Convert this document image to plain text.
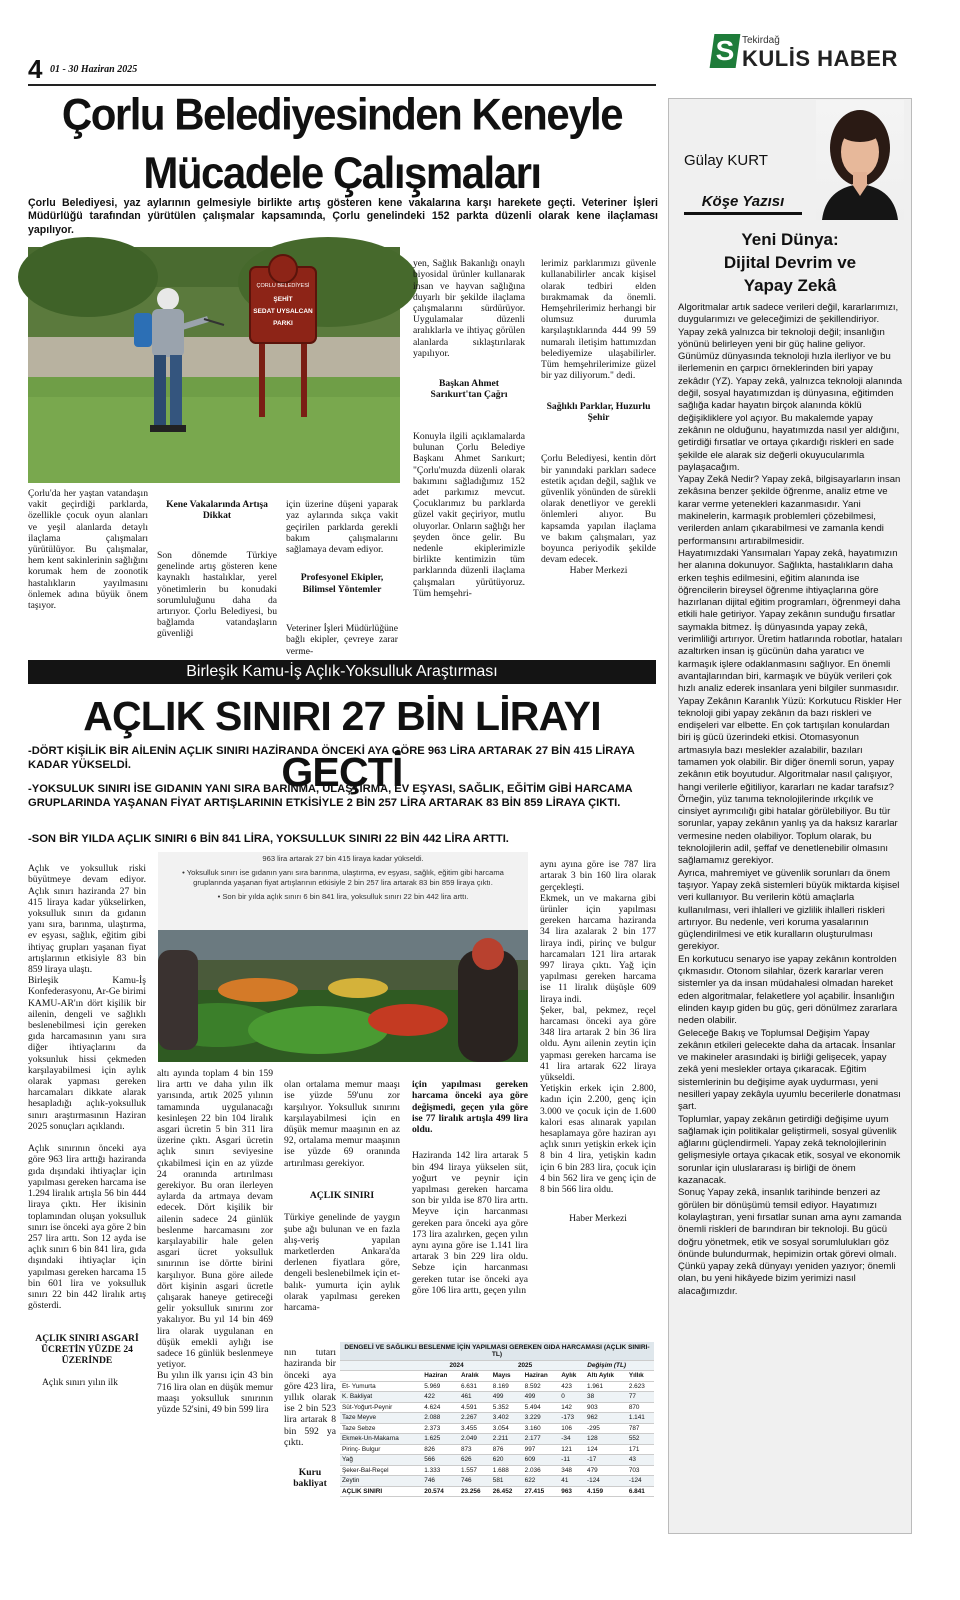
4 01 - 30 Haziran 2025
S Tekirdağ
KULİS HABER
Çorlu Belediyesinden Keneyle
Mücadele Çalışmaları
Çorlu Belediyesi, yaz aylarının gelmesiyle birlikte artış gösteren kene vakalarına karşı harekete geçti. Veteriner İşleri Müdürlüğü tarafından yürütülen çalışmalar kapsamında, Çorlu genelindeki 152 parkta düzenli olarak kene ilaçlaması yapılıyor.
ÇORLU BELEDİYESİ
ŞEHİT
SEDAT UYSALCAN
PARKI
Çorlu'da her yaştan vatandaşın vakit geçirdiği parklarda, özellikle çocuk oyun alanları ve yeşil alanlarda detaylı ilaçlama çalışmaları yürütülüyor. Bu çalışmalar, hem kent sakinlerinin sağlığını korumak hem de zoonotik hastalıkların yayılmasını önlemek adına büyük önem taşıyor.

Kene Vakalarında Artışa Dikkat

Son dönemde Türkiye genelinde artış gösteren kene kaynaklı hastalıklar, yerel yönetimlerin bu konudaki sorumluluğunu daha da artırıyor. Çorlu Belediyesi, bu bağlamda vatandaşların güvenliği

için üzerine düşeni yaparak yaz aylarında sıkça vakit geçirilen parklarda gerekli bakım çalışmalarını sağlamaya devam ediyor.

Profesyonel Ekipler, Bilimsel Yöntemler

Veteriner İşleri Müdürlüğüne bağlı ekipler, çevreye zarar verme-

yen, Sağlık Bakanlığı onaylı biyosidal ürünler kullanarak insan ve hayvan sağlığına duyarlı bir şekilde ilaçlama çalışmalarını sürdürüyor. Uygulamalar düzenli aralıklarla ve ihtiyaç görülen alanlarda sıklaştırılarak yapılıyor.

Başkan Ahmet Sarıkurt'tan Çağrı

Konuyla ilgili açıklamalarda bulunan Çorlu Belediye Başkanı Ahmet Sarıkurt; "Çorlu'muzda düzenli olarak bakımını sağladığımız 152 adet parkımız mevcut. Çocuklarımız bu parklarda güzel vakit geçiriyor, mutlu oluyorlar. Onların sağlığı her şeyden önce gelir. Bu nedenle ekiplerimizle birlikte kentimizin tüm parklarında düzenli ilaçlama çalışmaları yürütüyoruz. Tüm hemşehri-

lerimiz parklarımızı güvenle kullanabilirler ancak kişisel olarak tedbiri elden bırakmamak da önemli. Hemşehrilerimiz herhangi bir olumsuz durumla karşılaştıklarında 444 99 59 numaralı iletişim hattımızdan belediyemize ulaşabilirler. Tüm hemşehrilerimize güzel bir yaz diliyorum." dedi.

Sağlıklı Parklar, Huzurlu Şehir

Çorlu Belediyesi, kentin dört bir yanındaki parkları sadece estetik açıdan değil, sağlık ve güvenlik yönünden de sürekli olarak denetliyor ve gerekli önlemleri alıyor. Bu kapsamda yapılan ilaçlama ve bakım çalışmaları, yaz boyunca periyodik şekilde devam edecek.

Haber Merkezi

Birleşik Kamu-İş Açlık-Yoksulluk Araştırması
AÇLIK SINIRI 27 BİN LİRAYI GEÇTİ
-DÖRT KİŞİLİK BİR AİLENİN AÇLIK SINIRI HAZİRANDA ÖNCEKİ AYA GÖRE 963 LİRA ARTARAK 27 BİN 415 LİRAYA KADAR YÜKSELDİ.
-YOKSULUK SINIRI İSE GIDANIN YANI SIRA BARINMA, ULAŞTIRMA, EV EŞYASI, SAĞLIK, EĞİTİM GİBİ HARCAMA GRUPLARINDA YAŞANAN FİYAT ARTIŞLARININ ETKİSİYLE 2 BİN 257 LİRA ARTARAK 83 BİN 859 LİRAYA ÇIKTI.
-SON BİR YILDA AÇLIK SINIRI 6 BİN 841 LİRA, YOKSULLUK SINIRI 22 BİN 442 LİRA ARTTI.
963 lira artarak 27 bin 415 liraya kadar yükseldi.
• Yoksulluk sınırı ise gıdanın yanı sıra barınma, ulaştırma, ev eşyası, sağlık, eğitim gibi harcama gruplarında yaşanan fiyat artışlarının etkisiyle 2 bin 257 lira artarak 83 bin 859 liraya çıktı.
• Son bir yılda açlık sınırı 6 bin 841 lira, yoksulluk sınırı 22 bin 442 lira arttı.

Açlık ve yoksulluk riski büyütmeye devam ediyor. Açlık sınırı haziranda 27 bin 415 liraya kadar yükselirken, yoksulluk sınırı da gıdanın yanı sıra, barınma, ulaştırma, ev eşyası, sağlık, eğitim gibi ihtiyaç grupları yaşanan fiyat artışlarının etkisiyle 83 bin 859 liraya ulaştı.
Birleşik Kamu-İş Konfederasyonu, Ar-Ge birimi KAMU-AR'ın dört kişilik bir ailenin, dengeli ve sağlıklı beslenebilmesi için gereken gıda harcamasının yanı sıra diğer ihtiyaçlarını da yoksunluk hissi çekmeden karşılayabilmesi için aylık olarak yapması gereken harcamaları dikkate alarak hesapladığı açlık-yoksulluk sınırı araştırmasının Haziran 2025 sonuçları açıklandı.

Açlık sınırının önceki aya göre 963 lira arttığı haziranda gıda dışındaki ihtiyaçlar için yapılması gereken harcama ise 1.294 liralık artışla 56 bin 444 liraya çıktı. Her ikisinin toplamından oluşan yoksulluk sınırı ise önceki aya göre 2 bin 257 lira arttı. Son 12 ayda ise açlık sınırı 6 bin 841 lira, gıda dışındaki ihtiyaçlar için yapılması gereken harcama 15 bin 601 lira ve yoksulluk sınırı 22 bin 442 liralık artış gösterdi.

AÇLIK SINIRI ASGARİ ÜCRETİN YÜZDE 24 ÜZERİNDE

Açlık sınırı yılın ilk

altı ayında toplam 4 bin 159 lira arttı ve daha yılın ilk yarısında, artık 2025 yılının tamamında uygulanacağı kesinleşen 22 bin 104 liralık asgari ücretin 5 bin 311 lira üzerine çıktı. Asgari ücretin açlık sınırı seviyesine çıkabilmesi için en az yüzde 24 oranında artırılması gerekiyor. Bu oran ilerleyen aylarda da artmaya devam edecek. Dört kişilik bir ailenin sadece 24 günlük beslenme harcamasını zor karşılayabilir hale gelen asgari ücret yoksulluk sınırının ise dörtte birini karşılıyor. Buna göre ailede dört kişinin asgari ücretle çalışarak haneye getireceği gelir yoksulluk sınırını zor yakalıyor. Bu yıl 14 bin 469 lira olarak uygulanan en düşük emekli aylığı ise sadece 16 günlük beslenmeye yetiyor.
Bu yılın ilk yarısı için 43 bin 716 lira olan en düşük memur maaşı yoksulluk sınırının yüzde 52'sini, 49 bin 599 lira

olan ortalama memur maaşı ise yüzde 59'unu zor karşılıyor. Yoksulluk sınırını karşılayabilmesi için en düşük memur maaşının en az 92, ortalama memur maaşının ise yüzde 69 oranında artırılması gerekiyor.

AÇLIK SINIRI

Türkiye genelinde de yaygın şube ağı bulunan ve en fazla alış-veriş yapılan marketlerden Ankara'da derlenen fiyatlara göre, dengeli beslenebilmek için et-balık- yumurta için aylık olarak yapılması gereken harcama-

nın tutarı haziranda bir önceki aya göre 423 lira, yıllık olarak ise 2 bin 523 lira artarak 8 bin 592 ya çıktı.

Kuru bakliyat

için yapılması gereken harcama önceki aya göre değişmedi, geçen yıla göre ise 77 liralık artışla 499 lira oldu.

Haziranda 142 lira artarak 5 bin 494 liraya yükselen süt, yoğurt ve peynir için yapılması gereken harcama son bir yılda ise 870 lira arttı. Meyve için harcanması gereken para önceki aya göre 173 lira azalırken, geçen yılın aynı ayına göre ise 1.141 lira artarak 3 bin 229 lira oldu. Sebze için harcanması gereken tutar ise önceki aya göre 106 lira arttı, geçen yılın

aynı ayına göre ise 787 lira artarak 3 bin 160 lira olarak gerçekleşti.
Ekmek, un ve makarna gibi ürünler için yapılması gereken harcama haziranda 34 lira azalarak 2 bin 177 liraya indi, pirinç ve bulgur harcamaları 121 lira artarak 997 liraya çıktı. Yağ için yapılması gereken harcama ise 11 liralık düşüşle 609 liraya indi.
Şeker, bal, pekmez, reçel harcaması önceki aya göre 348 lira artarak 2 bin 36 lira oldu. Aynı ailenin zeytin için yapması gereken harcama ise 41 lira artarak 622 liraya yükseldi.
Yetişkin erkek için 2.800, kadın için 2.200, genç için 3.000 ve çocuk için de 1.600 kalori esas alınarak yapılan hesaplamaya göre haziran ayı açlık sınırı yetişkin erkek için 8 bin 4 lira, yetişkin kadın için 6 bin 283 lira, çocuk için 4 bin 562 lira ve genç için de 8 bin 566 lira oldu.

Haber Merkezi

DENGELİ VE SAĞLIKLI BESLENME İÇİN YAPILMASI GEREKEN GIDA HARCAMASI (AÇLIK SINIRI-TL)							
	2024		2025		Değişim (TL)		
	Haziran	Aralık	Mayıs	Haziran	Aylık	Altı Aylık	Yıllık
Et- Yumurta	5.969	6.631	8.169	8.592	423	1.961	2.623
K. Bakliyat	422	461	499	499	0	38	77
Süt-Yoğurt-Peynir	4.624	4.591	5.352	5.494	142	903	870
Taze Meyve	2.088	2.267	3.402	3.229	-173	962	1.141
Taze Sebze	2.373	3.455	3.054	3.160	106	-295	787
Ekmek-Un-Makarna	1.625	2.049	2.211	2.177	-34	128	552
Pirinç- Bulgur	826	873	876	997	121	124	171
Yağ	566	626	620	609	-11	-17	43
Şeker-Bal-Reçel	1.333	1.557	1.688	2.036	348	479	703
Zeytin	746	746	581	622	41	-124	-124
AÇLIK SINIRI	20.574	23.256	26.452	27.415	963	4.159	6.841
Gülay KURT
Köşe Yazısı
Yeni Dünya:
Dijital Devrim ve
Yapay Zekâ
Algoritmalar artık sadece verileri değil, kararlarımızı, duygularımızı ve geleceğimizi de şekillendiriyor. Yapay zekâ yalnızca bir teknoloji değil; insanlığın yönünü belirleyen yeni bir güç haline geliyor.
Günümüz dünyasında teknoloji hızla ilerliyor ve bu ilerlemenin en çarpıcı örneklerinden biri yapay zekâdır (YZ). Yapay zekâ, yalnızca teknoloji alanında değil, sosyal hayatımızdan iş dünyasına, eğitimden sağlığa kadar hayatın birçok alanında köklü değişikliklere yol açıyor. Bu makalemde yapay zekânın ne olduğunu, hayatımızda nasıl yer aldığını, getirdiği fırsatlar ve ortaya çıkardığı riskleri en sade şekilde ele alarak siz değerli okuyucularımla paylaşacağım.
Yapay Zekâ Nedir? Yapay zekâ, bilgisayarların insan zekâsına benzer şekilde öğrenme, analiz etme ve karar verme yetenekleri kazanmasıdır. Yani makinelerin, karmaşık problemleri çözebilmesi, verilerden anlam çıkarabilmesi ve zamanla kendi performansını artırabilmesidir.
Hayatımızdaki Yansımaları Yapay zekâ, hayatımızın her alanına dokunuyor. Sağlıkta, hastalıkların daha erken teşhis edilmesini, eğitim alanında ise öğrencilerin bireysel öğrenme ihtiyaçlarına göre hazırlanan dijital eğitim programları, öğrenmeyi daha etkili hale getiriyor. Yapay zekânın sunduğu fırsatlar saymakla bitmez. İş dünyasında yapay zekâ, verimliliği artırıyor. Üretim hatlarında robotlar, hataları azaltırken insan iş gücünün daha yaratıcı ve karmaşık işlere odaklanmasını sağlıyor. En önemli avantajlarından biri, karmaşık ve büyük verileri çok hızlı analiz ederek insanlara yeni bilgiler sunmasıdır.
Yapay Zekânın Karanlık Yüzü: Korkutucu Riskler Her teknoloji gibi yapay zekânın da bazı riskleri ve endişeleri var elbette. En çok tartışılan konulardan biri iş gücü üzerindeki etkisi. Otomasyonun artmasıyla bazı meslekler azalabilir, bazıları tamamen yok olabilir. Bir diğer önemli sorun, yapay zekânın etik boyutudur. Algoritmalar nasıl çalışıyor, hangi verilerle eğitiliyor, kararları ne kadar tarafsız? Örneğin, yüz tanıma teknolojilerinde ırkçılık ve cinsiyet ayrımcılığı gibi hatalar görülebiliyor. Bu tür sorunlar, yapay zekânın yanlış ya da haksız kararlar vermesine neden olabiliyor. Toplum olarak, bu teknolojilerin adil, şeffaf ve denetlenebilir olmasını sağlamamız gerekiyor.
Ayrıca, mahremiyet ve güvenlik sorunları da önem taşıyor. Yapay zekâ sistemleri büyük miktarda kişisel veri kullanıyor. Bu verilerin kötü amaçlarla kullanılması, veri ihlalleri ve gizlilik ihlalleri riskleri artırıyor. Bu nedenle, veri koruma yasalarının güçlendirilmesi ve etik kuralların oluşturulması gerekiyor.
En korkutucu senaryo ise yapay zekânın kontrolden çıkmasıdır. Otonom silahlar, özerk kararlar veren sistemler ya da insan müdahalesi olmadan hareket eden algoritmalar, felaketlere yol açabilir. İnsanlığın elinden kayıp giden bu güç, geri dönülmez zararlara neden olabilir.
Geleceğe Bakış ve Toplumsal Değişim Yapay zekânın etkileri gelecekte daha da artacak. İnsanlar ve makineler arasındaki iş birliği gelişecek, yapay zekâ yeni meslekler ortaya çıkaracak. Eğitim sistemlerinin bu değişime ayak uydurması, yeni nesilleri yapay zekâyla uyumlu becerilerle donatması şart.
Toplumlar, yapay zekânın getirdiği değişime uyum sağlamak için politikalar geliştirmeli, sosyal güvenlik ağlarını güçlendirmeli. Yapay zekâ teknolojilerinin gelişmesiyle ortaya çıkacak etik, sosyal ve ekonomik sorunlar için uluslararası iş birliği de önem kazanacak.
Sonuç Yapay zekâ, insanlık tarihinde benzeri az görülen bir dönüşümü temsil ediyor. Hayatımızı kolaylaştıran, yeni fırsatlar sunan ama aynı zamanda önemli riskleri de barındıran bir teknoloji. Bu gücü doğru yönetmek, etik ve sosyal sorumlulukları göz önünde bulundurmak, hepimizin ortak görevi olmalı. Çünkü yapay zekâ dünyayı yeniden yazıyor; önemli olan, bu yeni hikâyede bizim yerimizi nasıl alacağımızdır.
